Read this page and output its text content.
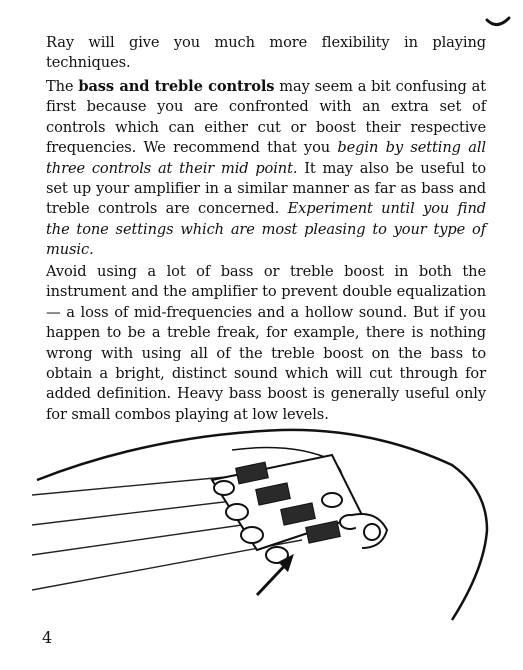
Ray will give you much more flexibility in playing techniques.

The bass and treble controls may seem a bit confusing at first because you are confronted with an extra set of controls which can either cut or boost their respective frequencies. We recommend that you begin by setting all three controls at their mid point. It may also be useful to set up your amplifier in a similar manner as far as bass and treble controls are concerned. Experiment until you find the tone settings which are most pleasing to your type of music.

Avoid using a lot of bass or treble boost in both the instrument and the amplifier to prevent double equalization — a loss of mid-frequencies and a hollow sound. But if you happen to be a treble freak, for example, there is nothing wrong with using all of the treble boost on the bass to obtain a bright, distinct sound which will cut through for added definition. Heavy bass boost is generally useful only for small combos playing at low levels.

4
